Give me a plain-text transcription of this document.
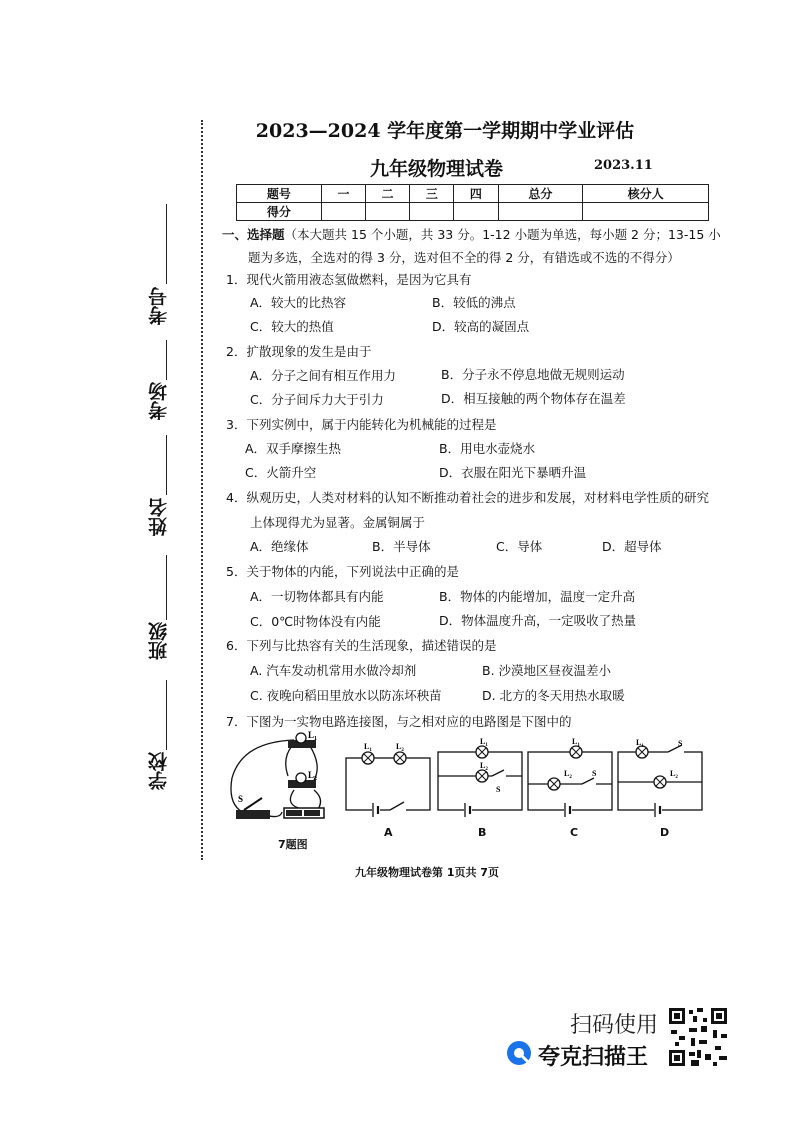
考号
考场
姓名
班级
学校
2023—2024 学年度第一学期期中学业评估
九年级物理试卷	2023.11
题号	一	二	三	四	总分	核分人
得分						
一、选择题（本大题共 15 个小题，共 33 分。1-12 小题为单选，每小题 2 分；13-15 小
题为多选，全选对的得 3 分，选对但不全的得 2 分，有错选或不选的不得分）
1．现代火箭用液态氢做燃料，是因为它具有
A．较大的比热容	B．较低的沸点
C．较大的热值	D．较高的凝固点
2．扩散现象的发生是由于
A．分子之间有相互作用力	B．分子永不停息地做无规则运动
C．分子间斥力大于引力	D．相互接触的两个物体存在温差
3．下列实例中，属于内能转化为机械能的过程是
A．双手摩擦生热	B．用电水壶烧水
C．火箭升空	D．衣服在阳光下暴晒升温
4．纵观历史，人类对材料的认知不断推动着社会的进步和发展，对材料电学性质的研究
上体现得尤为显著。金属铜属于
A．绝缘体	B．半导体	C．导体	D．超导体
5．关于物体的内能，下列说法中正确的是
A．一切物体都具有内能	B．物体的内能增加，温度一定升高
C．0℃时物体没有内能	D．物体温度升高，一定吸收了热量
6．下列与比热容有关的生活现象，描述错误的是
A. 汽车发动机常用水做冷却剂	B. 沙漠地区昼夜温差小
C. 夜晚向稻田里放水以防冻坏秧苗	D. 北方的冬天用热水取暖
7．下图为一实物电路连接图，与之相对应的电路图是下图中的
$L_1$
$L_2$
S
7题图
$L_1$	$L_2$
A
$L_1$
$L_2$
S
B
$L_1$
$L_2$	S
C
$L_1$
$L_2$
S
D
九年级物理试卷第 1页共 7页
扫码使用
夸克扫描王
